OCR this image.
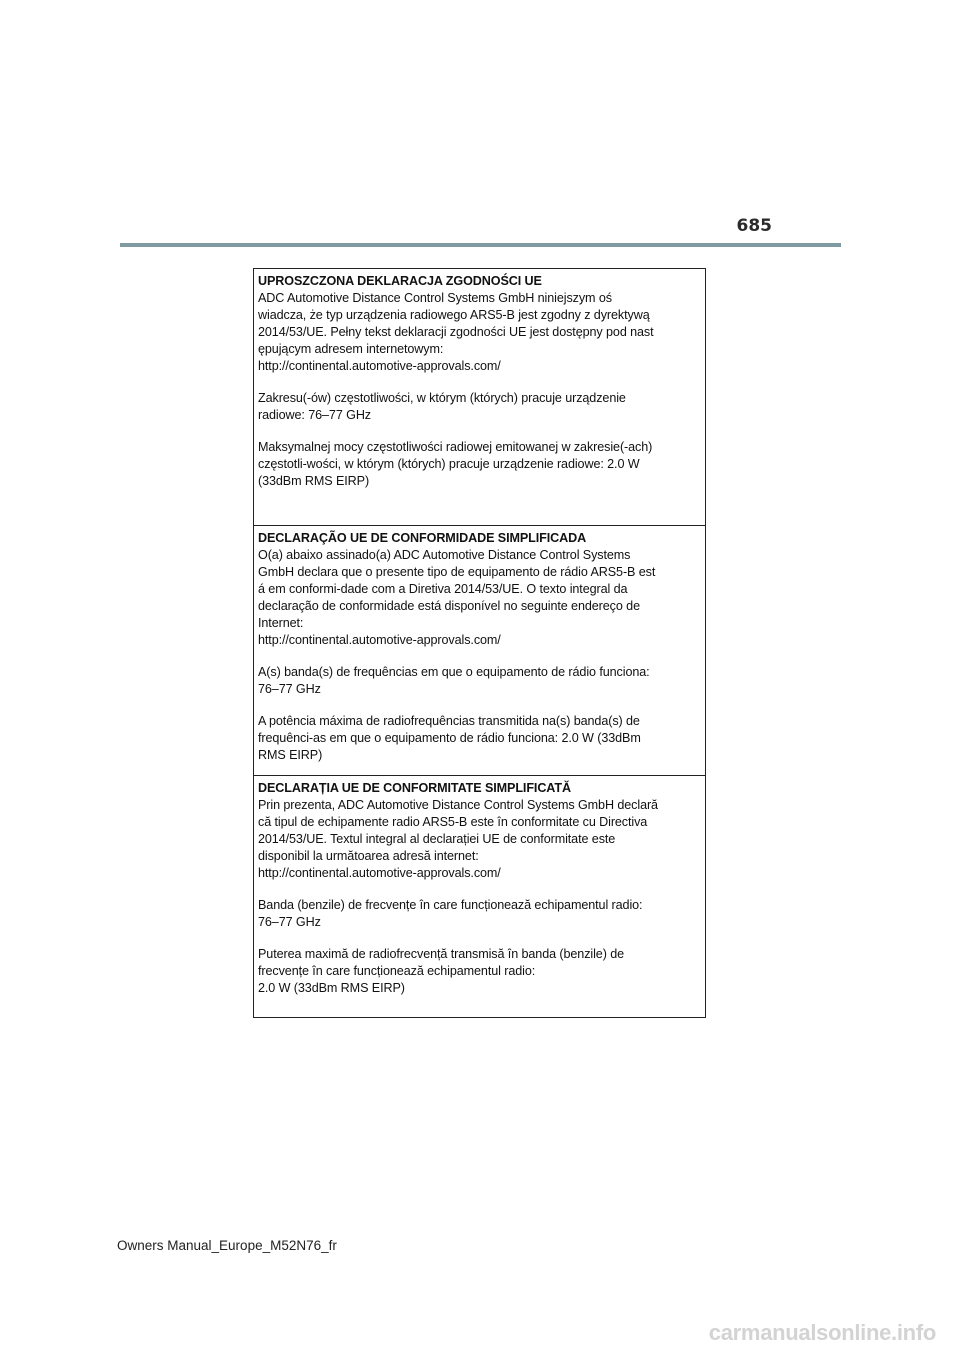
685

UPROSZCZONA DEKLARACJA ZGODNOŚCI UE

ADC Automotive Distance Control Systems GmbH niniejszym oś
wiadcza, że typ urządzenia radiowego ARS5-B jest zgodny z dyrektywą
2014/53/UE. Pełny tekst deklaracji zgodności UE jest dostępny pod nast
ępującym adresem internetowym:
http://continental.automotive-approvals.com/

Zakresu(-ów) częstotliwości, w którym (których) pracuje urządzenie
radiowe: 76–77 GHz

Maksymalnej mocy częstotliwości radiowej emitowanej w zakresie(-ach)
częstotli-wości, w którym (których) pracuje urządzenie radiowe: 2.0 W
(33dBm RMS EIRP)

DECLARAÇÃO UE DE CONFORMIDADE SIMPLIFICADA

O(a) abaixo assinado(a) ADC Automotive Distance Control Systems
GmbH declara que o presente tipo de equipamento de rádio ARS5-B est
á em conformi-dade com a Diretiva 2014/53/UE. O texto integral da
declaração de conformidade está disponível no seguinte endereço de
Internet:
http://continental.automotive-approvals.com/

A(s) banda(s) de frequências em que o equipamento de rádio funciona:
76–77 GHz

A potência máxima de radiofrequências transmitida na(s) banda(s) de
frequênci-as em que o equipamento de rádio funciona: 2.0 W (33dBm
RMS EIRP)

DECLARAȚIA UE DE CONFORMITATE SIMPLIFICATĂ

Prin prezenta, ADC Automotive Distance Control Systems GmbH declară
că tipul de echipamente radio ARS5-B este în conformitate cu Directiva
2014/53/UE. Textul integral al declarației UE de conformitate este
disponibil la următoarea adresă internet:
http://continental.automotive-approvals.com/

Banda (benzile) de frecvențe în care funcționează echipamentul radio:
76–77 GHz

Puterea maximă de radiofrecvență transmisă în banda (benzile) de
frecvențe în care funcționează echipamentul radio:
2.0 W (33dBm RMS EIRP)

Owners Manual_Europe_M52N76_fr
carmanualsonline.info
